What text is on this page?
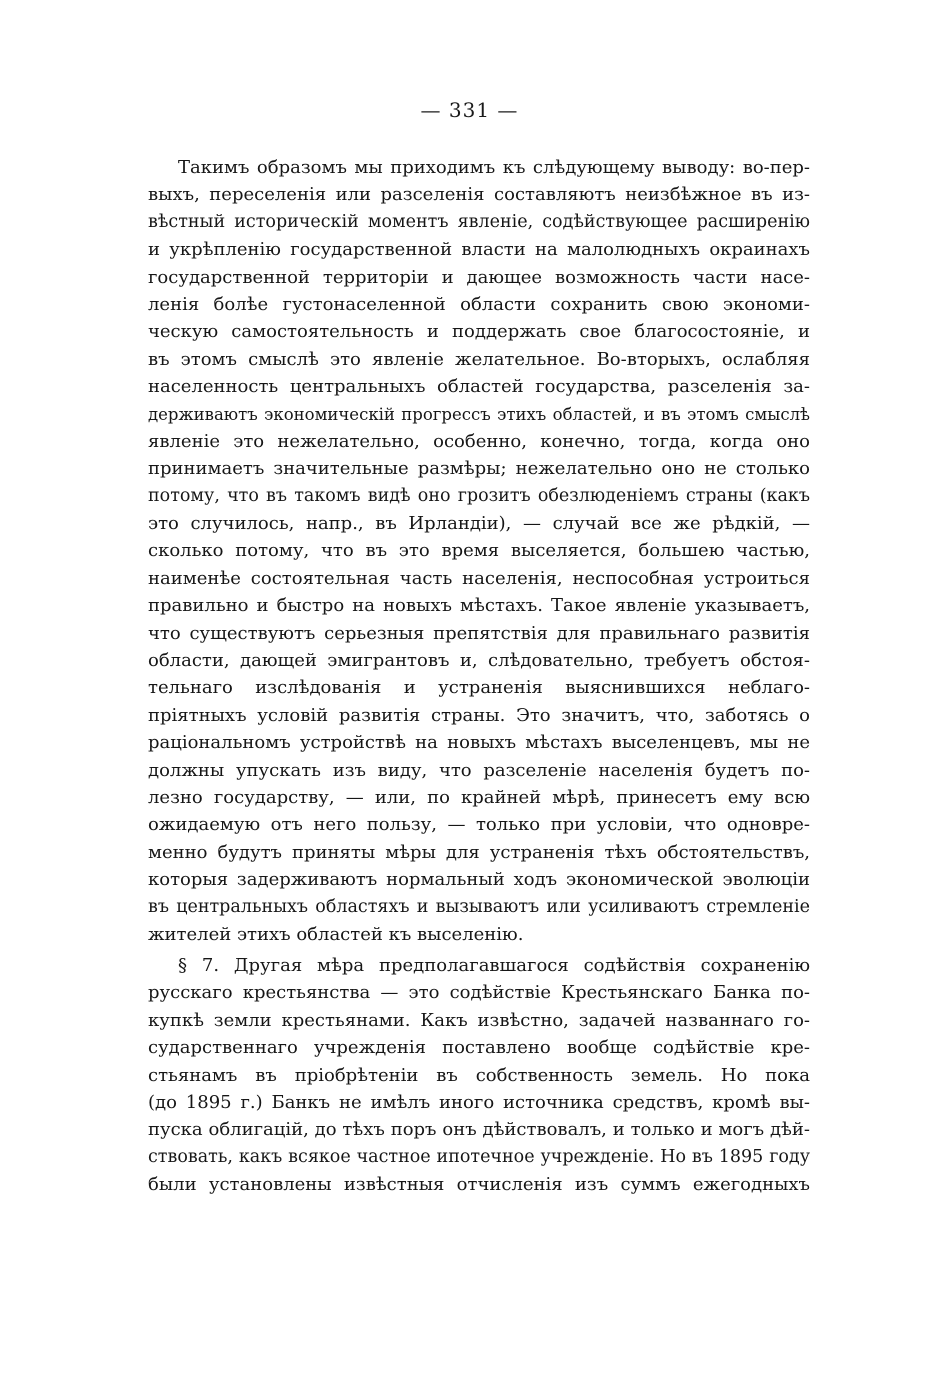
— 331 —
Такимъ образомъ мы приходимъ къ слѣдующему выводу: во-пер-
выхъ, переселенія или разселенія составляютъ неизбѣжное въ из-
вѣстный историческій моментъ явленіе, содѣйствующее расширенію
и укрѣпленію государственной власти на малолюдныхъ окраинахъ
государственной территоріи и дающее возможность части насе-
ленія болѣе густонаселенной области сохранить свою экономи-
ческую самостоятельность и поддержать свое благосостояніе, и
въ этомъ смыслѣ это явленіе желательное. Во-вторыхъ, ослабляя
населенность центральныхъ областей государства, разселенія за-
держиваютъ экономическій прогрессъ этихъ областей, и въ этомъ смыслѣ
явленіе это нежелательно, особенно, конечно, тогда, когда оно
принимаетъ значительные размѣры; нежелательно оно не столько
потому, что въ такомъ видѣ оно грозитъ обезлюденіемъ страны (какъ
это случилось, напр., въ Ирландіи), — случай все же рѣдкій, —
сколько потому, что въ это время выселяется, большею частью,
наименѣе состоятельная часть населенія, неспособная устроиться
правильно и быстро на новыхъ мѣстахъ. Такое явленіе указываетъ,
что существуютъ серьезныя препятствія для правильнаго развитія
области, дающей эмигрантовъ и, слѣдовательно, требуетъ обстоя-
тельнаго изслѣдованія и устраненія выяснившихся неблаго-
пріятныхъ условій развитія страны. Это значитъ, что, заботясь о
раціональномъ устройствѣ на новыхъ мѣстахъ выселенцевъ, мы не
должны упускать изъ виду, что разселеніе населенія будетъ по-
лезно государству, — или, по крайней мѣрѣ, принесетъ ему всю
ожидаемую отъ него пользу, — только при условіи, что одновре-
менно будутъ приняты мѣры для устраненія тѣхъ обстоятельствъ,
которыя задерживаютъ нормальный ходъ экономической эволюціи
въ центральныхъ областяхъ и вызываютъ или усиливаютъ стремленіе
жителей этихъ областей къ выселенію.
§ 7. Другая мѣра предполагавшагося содѣйствія сохраненію
русскаго крестьянства — это содѣйствіе Крестьянскаго Банка по-
купкѣ земли крестьянами. Какъ извѣстно, задачей названнаго го-
сударственнаго учрежденія поставлено вообще содѣйствіе кре-
стьянамъ въ пріобрѣтеніи въ собственность земель. Но пока
(до 1895 г.) Банкъ не имѣлъ иного источника средствъ, кромѣ вы-
пуска облигацій, до тѣхъ поръ онъ дѣйствовалъ, и только и могъ дѣй-
ствовать, какъ всякое частное ипотечное учрежденіе. Но въ 1895 году
были установлены извѣстныя отчисленія изъ суммъ ежегодныхъ
